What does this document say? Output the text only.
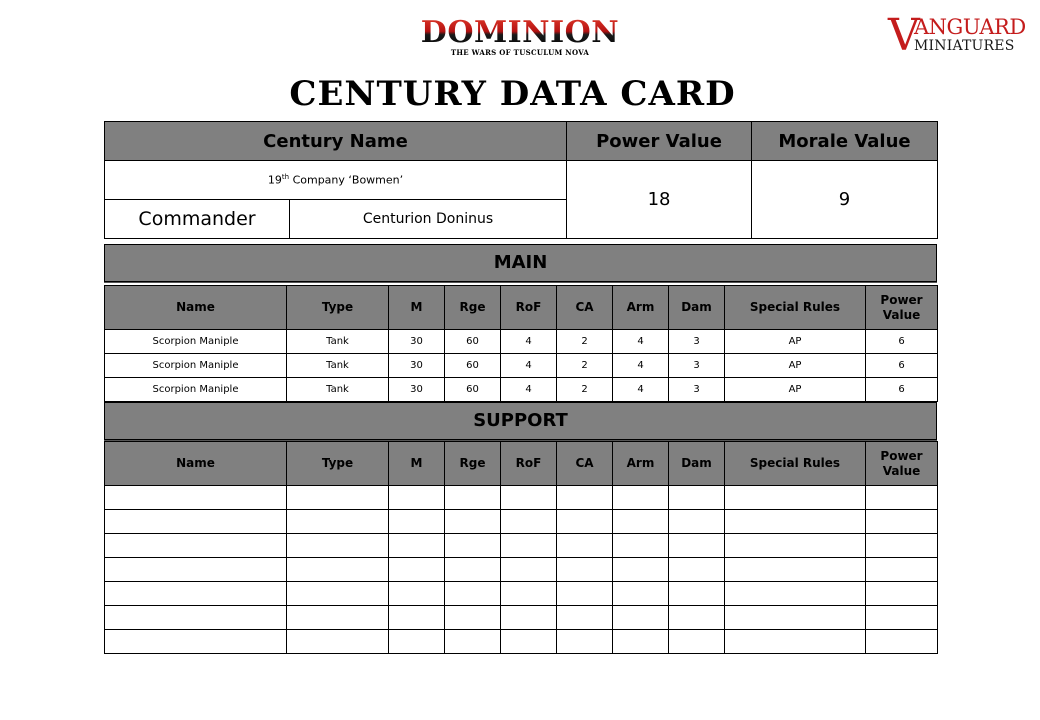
DOMINION
THE WARS OF TUSCULUM NOVA	V
ANGUARD
MINIATURES
CENTURY DATA CARD
Century Name		Power Value	Morale Value
19th Company ‘Bowmen’		18	9
Commander	Centurion Doninus		
MAIN
Name	Type	M	Rge	RoF	CA	Arm	Dam	Special Rules	Power Value
Scorpion Maniple	Tank	30	60	4	2	4	3	AP	6
Scorpion Maniple	Tank	30	60	4	2	4	3	AP	6
Scorpion Maniple	Tank	30	60	4	2	4	3	AP	6
SUPPORT
Name	Type	M	Rge	RoF	CA	Arm	Dam	Special Rules	Power Value
